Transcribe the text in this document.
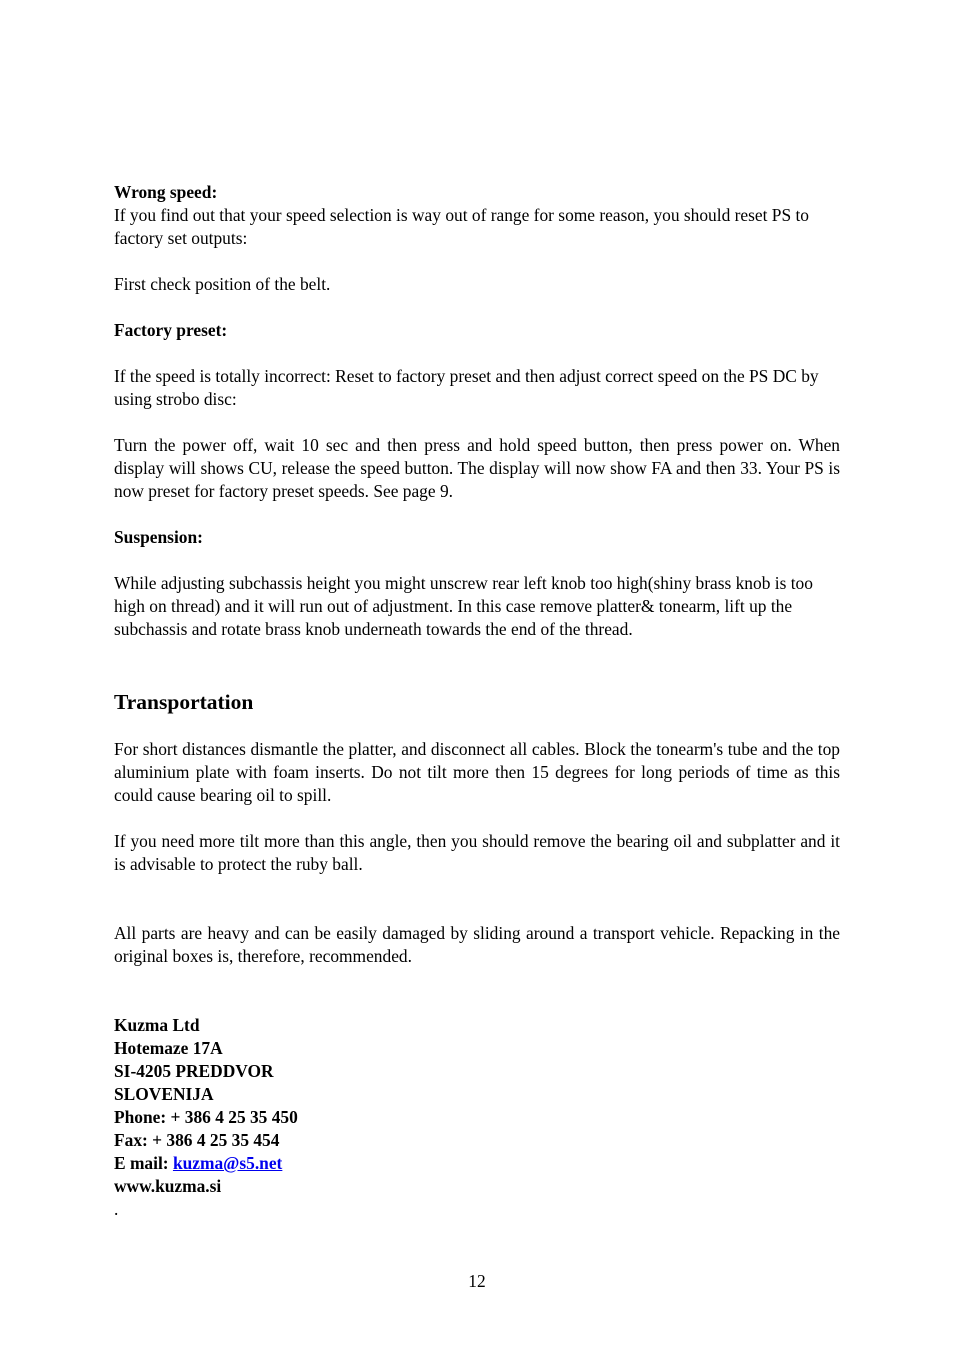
Wrong speed:

If you find out that your speed selection is way out of range for some reason, you should reset PS to factory set outputs:

First check position of the belt.

Factory preset:

If the speed is totally incorrect: Reset to factory preset and then adjust correct speed on the PS DC by using strobo disc:

Turn the power off, wait 10 sec and then press and hold speed button, then press power on. When display will shows CU, release the speed button. The display will now show FA and then 33. Your PS is now preset for factory preset speeds. See page 9.

Suspension:

While adjusting subchassis height you might unscrew rear left knob too high(shiny brass knob is too high on thread) and it will run out of adjustment. In this case remove platter& tonearm, lift up the subchassis and rotate brass knob underneath towards the end of the thread.

Transportation

For short distances dismantle the platter, and disconnect all cables. Block the tonearm's tube and the top aluminium plate with foam inserts. Do not tilt more then 15 degrees for long periods of time as this could cause bearing oil to spill.

If you need more tilt more than this angle, then you should remove the bearing oil and subplatter and it is advisable to protect the ruby ball.

All parts are heavy and can be easily damaged by sliding around a transport vehicle. Repacking in the original boxes is, therefore, recommended.

Kuzma Ltd

Hotemaze 17A

SI-4205 PREDDVOR

SLOVENIJA

Phone: + 386 4 25 35 450

Fax: + 386 4 25 35 454

E mail: kuzma@s5.net

www.kuzma.si

.

12
